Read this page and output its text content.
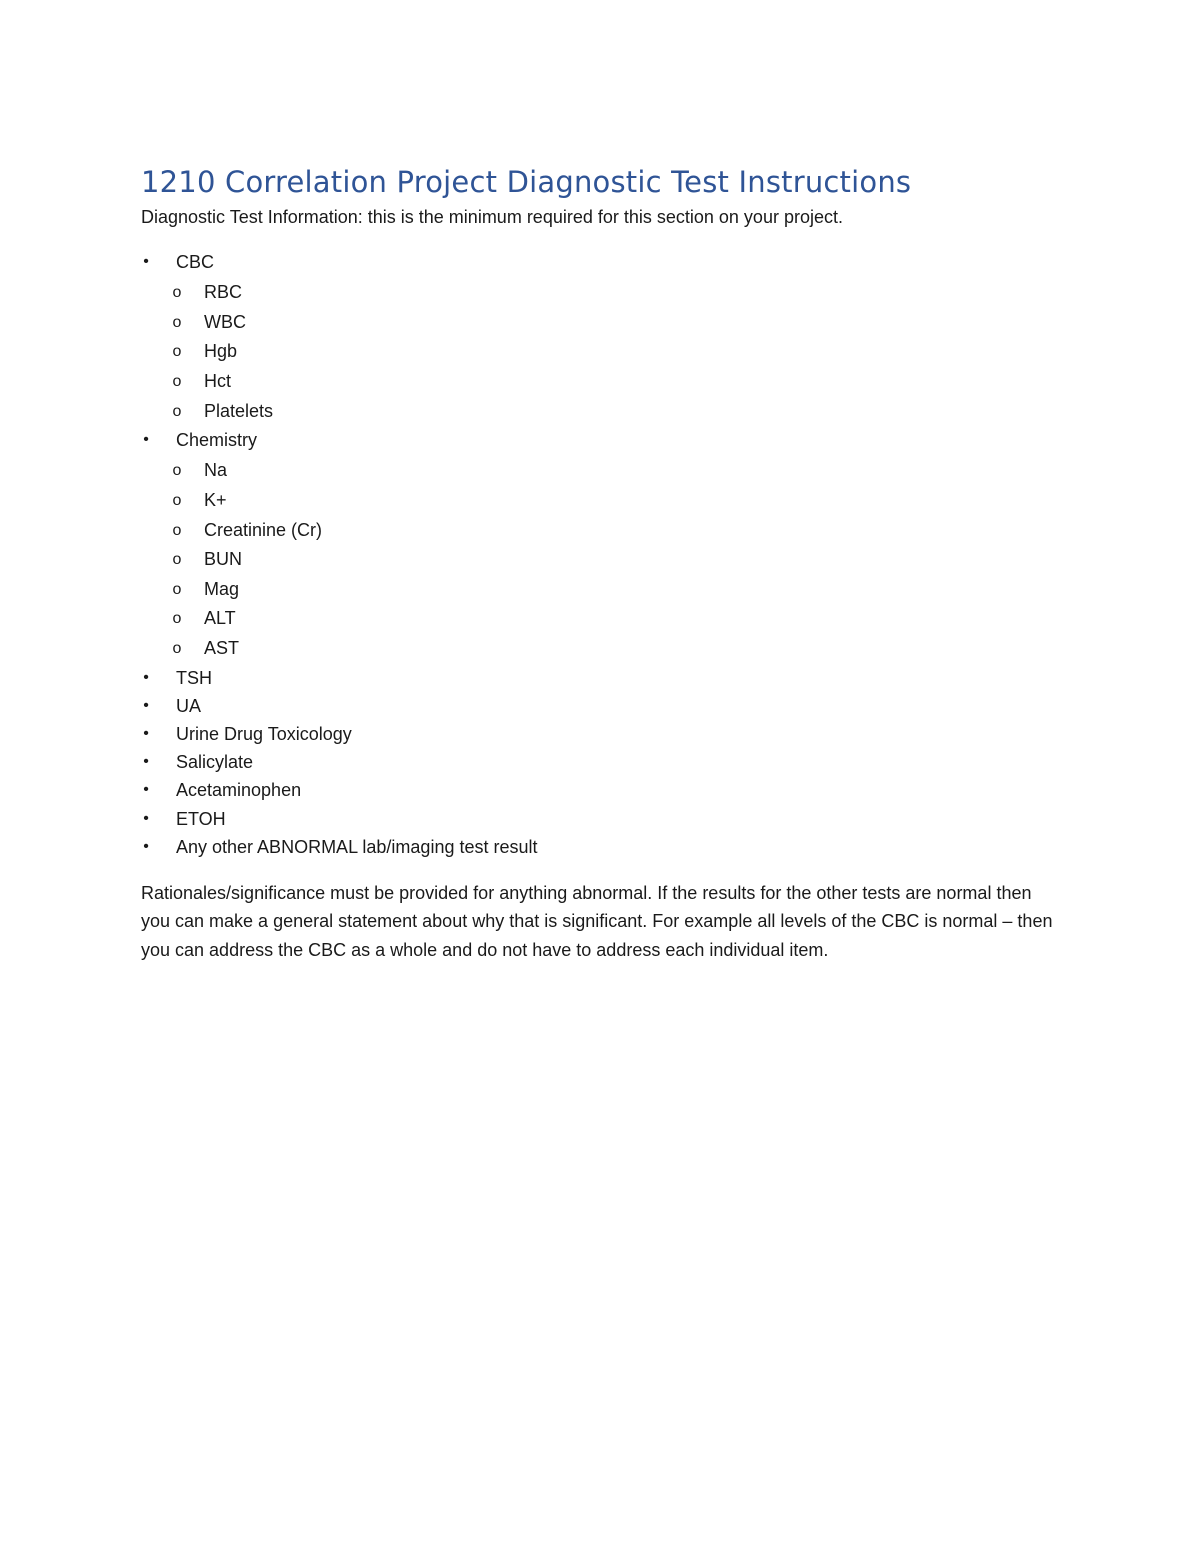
1210 Correlation Project Diagnostic Test Instructions

Diagnostic Test Information: this is the minimum required for this section on your project.

• CBC
o RBC
o WBC
o Hgb
o Hct
o Platelets
• Chemistry
o Na
o K+
o Creatinine (Cr)
o BUN
o Mag
o ALT
o AST
• TSH
• UA
• Urine Drug Toxicology
• Salicylate
• Acetaminophen
• ETOH
• Any other ABNORMAL lab/imaging test result

Rationales/significance must be provided for anything abnormal. If the results for the other tests are normal then you can make a general statement about why that is significant. For example all levels of the CBC is normal – then you can address the CBC as a whole and do not have to address each individual item.
